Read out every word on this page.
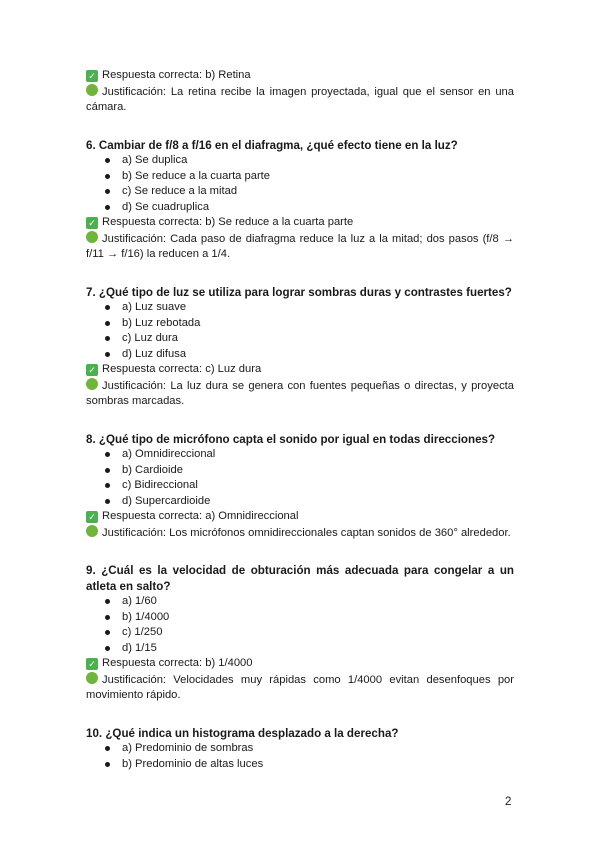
✓ Respuesta correcta: b) Retina
Justificación: La retina recibe la imagen proyectada, igual que el sensor en una cámara.
6. Cambiar de f/8 a f/16 en el diafragma, ¿qué efecto tiene en la luz?
a) Se duplica
b) Se reduce a la cuarta parte
c) Se reduce a la mitad
d) Se cuadruplica
✓ Respuesta correcta: b) Se reduce a la cuarta parte
Justificación: Cada paso de diafragma reduce la luz a la mitad; dos pasos (f/8 → f/11 → f/16) la reducen a 1/4.
7. ¿Qué tipo de luz se utiliza para lograr sombras duras y contrastes fuertes?
a) Luz suave
b) Luz rebotada
c) Luz dura
d) Luz difusa
✓ Respuesta correcta: c) Luz dura
Justificación: La luz dura se genera con fuentes pequeñas o directas, y proyecta sombras marcadas.
8. ¿Qué tipo de micrófono capta el sonido por igual en todas direcciones?
a) Omnidireccional
b) Cardioide
c) Bidireccional
d) Supercardioide
✓ Respuesta correcta: a) Omnidireccional
Justificación: Los micrófonos omnidireccionales captan sonidos de 360° alrededor.
9. ¿Cuál es la velocidad de obturación más adecuada para congelar a un atleta en salto?
a) 1/60
b) 1/4000
c) 1/250
d) 1/15
✓ Respuesta correcta: b) 1/4000
Justificación: Velocidades muy rápidas como 1/4000 evitan desenfoques por movimiento rápido.
10. ¿Qué indica un histograma desplazado a la derecha?
a) Predominio de sombras
b) Predominio de altas luces
2
